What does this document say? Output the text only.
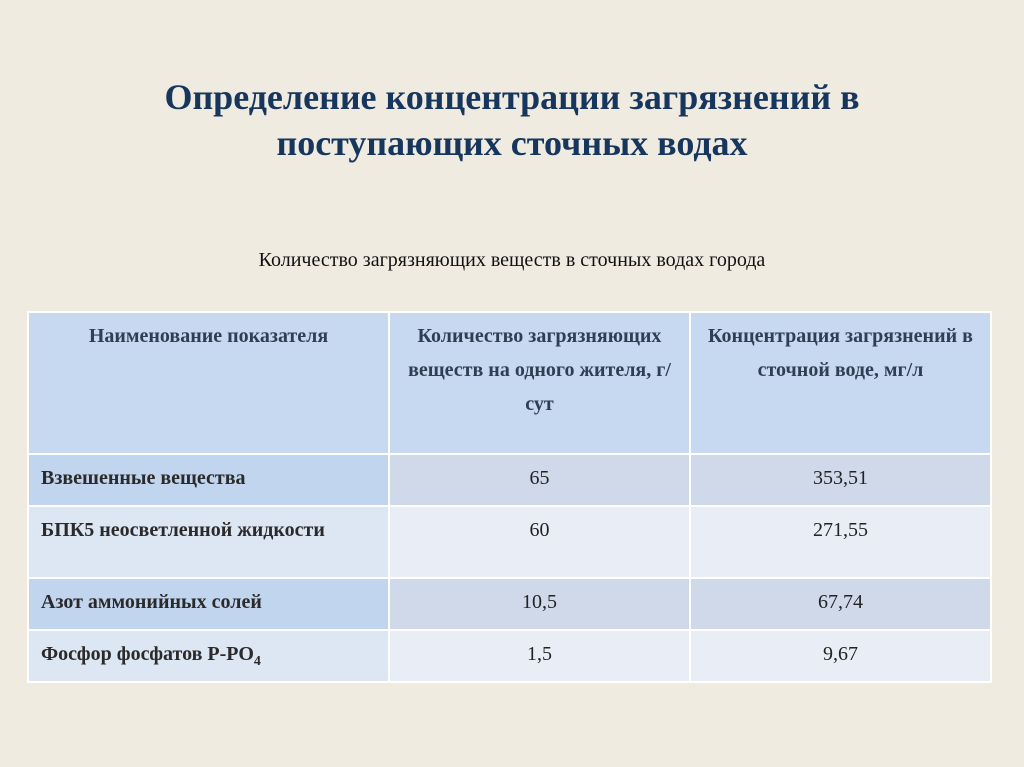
Определение концентрации загрязнений в поступающих сточных водах
Количество загрязняющих веществ в сточных водах города
Наименование показателя	Количество загрязняющих веществ на одного жителя, г/сут	Концентрация загрязнений в сточной воде, мг/л
Взвешенные вещества	65	353,51
БПК5 неосветленной жидкости	60	271,55
Азот аммонийных солей	10,5	67,74
Фосфор фосфатов $Р-РО_4$	1,5	9,67
